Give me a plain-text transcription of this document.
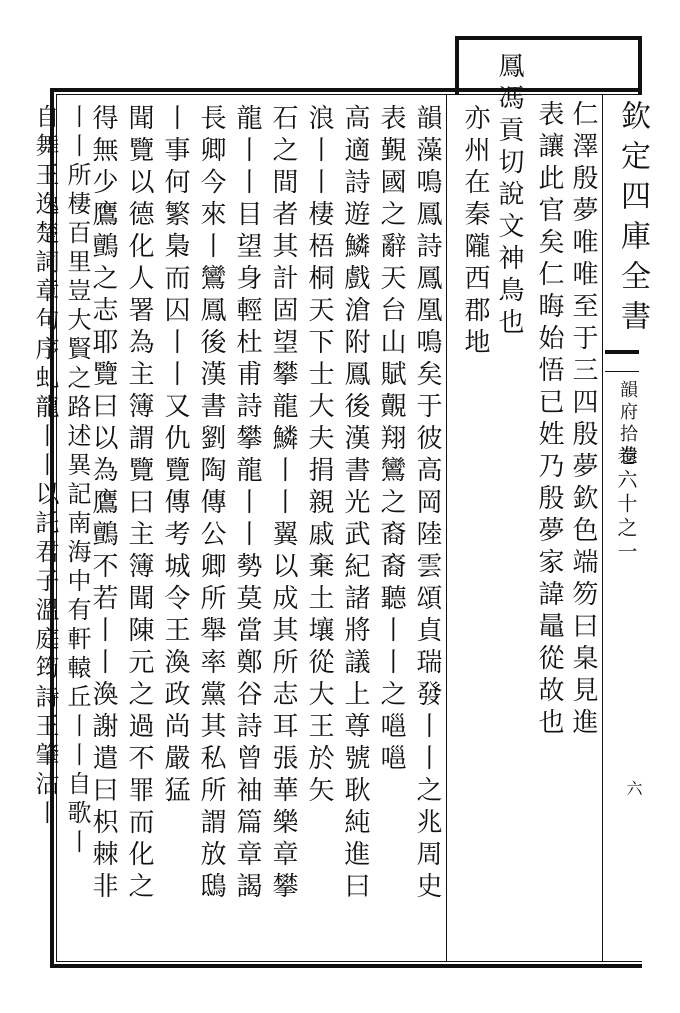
欽定四庫全書
韻府拾遺
卷六十之一
六
仁澤殷夢唯唯至于三四殷夢欽色端笏曰臬見進
表讓此官矣仁晦始悟已姓乃殷夢家諱鼂從故也
鳳馮貢切說文神鳥也
亦州在秦隴西郡地
韻藻鳴鳳詩鳳凰鳴矣于彼高岡陸雲頌貞瑞發丨丨之兆周史
表覲國之辭天台山賦覿翔鸞之裔裔聽丨丨之嗈嗈
高適詩遊鱗戲滄附鳳後漢書光武紀諸將議上尊號耿純進曰
浪丨丨棲梧桐天下士大夫捐親戚棄土壤從大王於矢
石之間者其計固望攀龍鱗丨丨翼以成其所志耳張華樂章攀
龍丨丨目望身輕杜甫詩攀龍丨丨勢莫當鄭谷詩曾袖篇章謁
長卿今來丨鸞鳳後漢書劉陶傳公卿所舉率黨其私所謂放鴟
丨事何繁梟而囚丨丨又仇覽傳考城令王渙政尚嚴猛
聞覽以德化人署為主簿謂覽曰主簿聞陳元之過不罪而化之
得無少鷹鸇之志耶覽曰以為鷹鸇不若丨丨渙謝遣曰枳棘非
丨丨所棲百里豈大賢之路述異記南海中有軒轅丘丨丨自歌丨
自舞王逸楚詞章句序虬龍丨丨以託君子溫庭筠詩王肇沽丨
